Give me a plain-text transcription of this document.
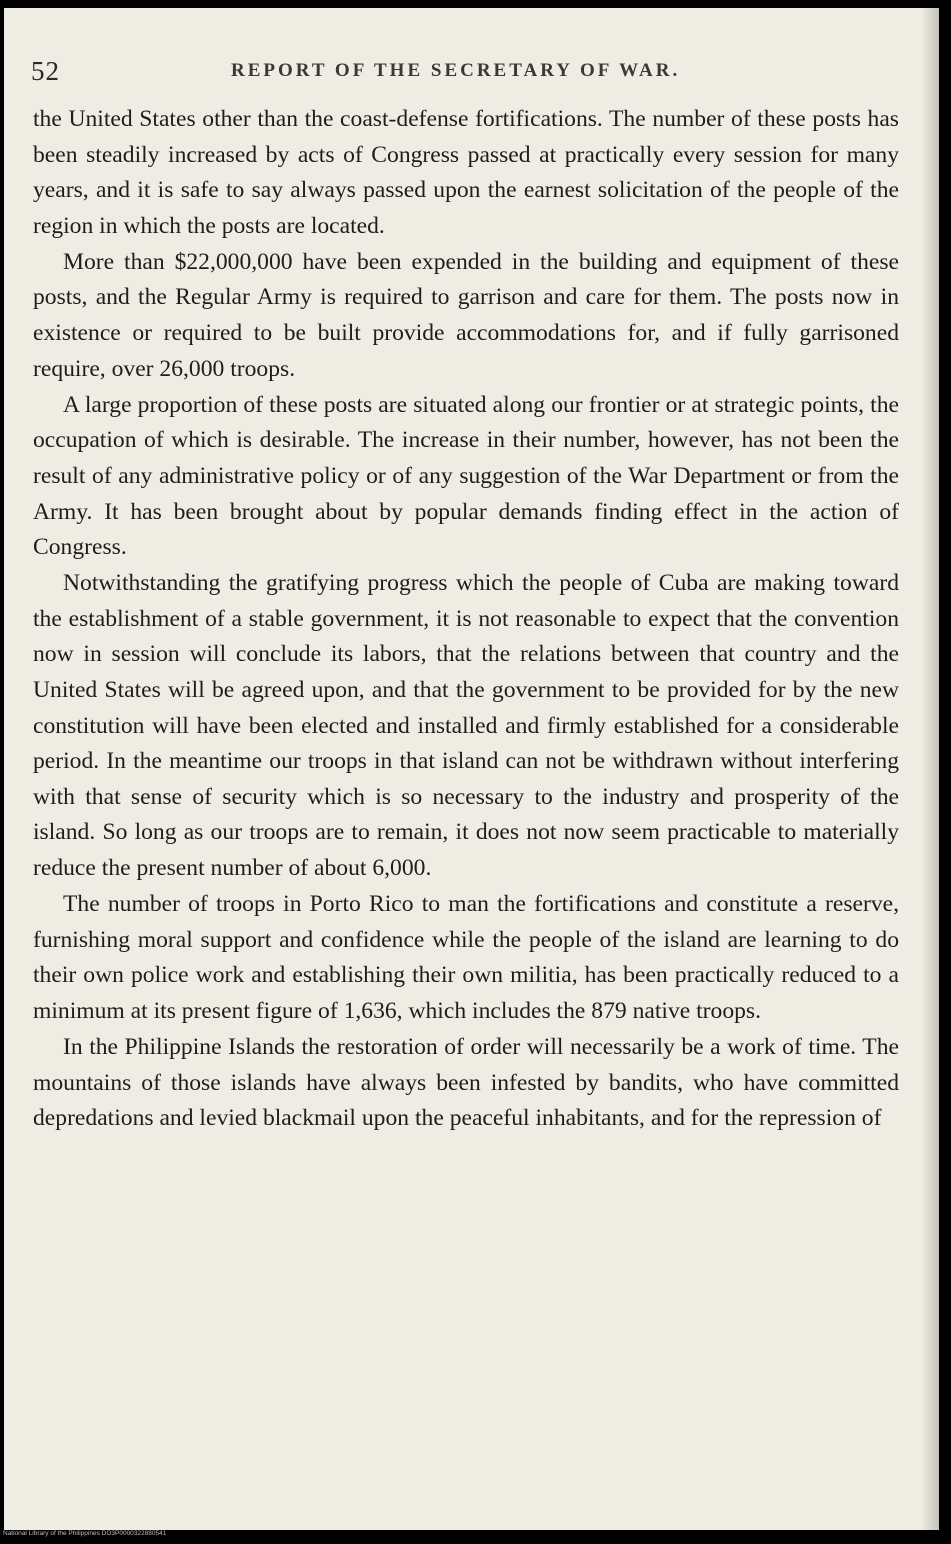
52	REPORT OF THE SECRETARY OF WAR.

the United States other than the coast-defense fortifications. The number of these posts has been steadily increased by acts of Congress passed at practically every session for many years, and it is safe to say always passed upon the earnest solicitation of the people of the region in which the posts are located.

More than $22,000,000 have been expended in the building and equipment of these posts, and the Regular Army is required to garrison and care for them. The posts now in existence or required to be built provide accommodations for, and if fully garrisoned require, over 26,000 troops.

A large proportion of these posts are situated along our frontier or at strategic points, the occupation of which is desirable. The increase in their number, however, has not been the result of any administrative policy or of any suggestion of the War Department or from the Army. It has been brought about by popular demands finding effect in the action of Congress.

Notwithstanding the gratifying progress which the people of Cuba are making toward the establishment of a stable government, it is not reasonable to expect that the convention now in session will conclude its labors, that the relations between that country and the United States will be agreed upon, and that the government to be provided for by the new constitution will have been elected and installed and firmly established for a considerable period. In the meantime our troops in that island can not be withdrawn without interfering with that sense of security which is so necessary to the industry and prosperity of the island. So long as our troops are to remain, it does not now seem practicable to materially reduce the present number of about 6,000.

The number of troops in Porto Rico to man the fortifications and constitute a reserve, furnishing moral support and confidence while the people of the island are learning to do their own police work and establishing their own militia, has been practically reduced to a minimum at its present figure of 1,636, which includes the 879 native troops.

In the Philippine Islands the restoration of order will necessarily be a work of time. The mountains of those islands have always been infested by bandits, who have committed depredations and levied blackmail upon the peaceful inhabitants, and for the repression of

National Library of the Philippines DO3P0000322880541
